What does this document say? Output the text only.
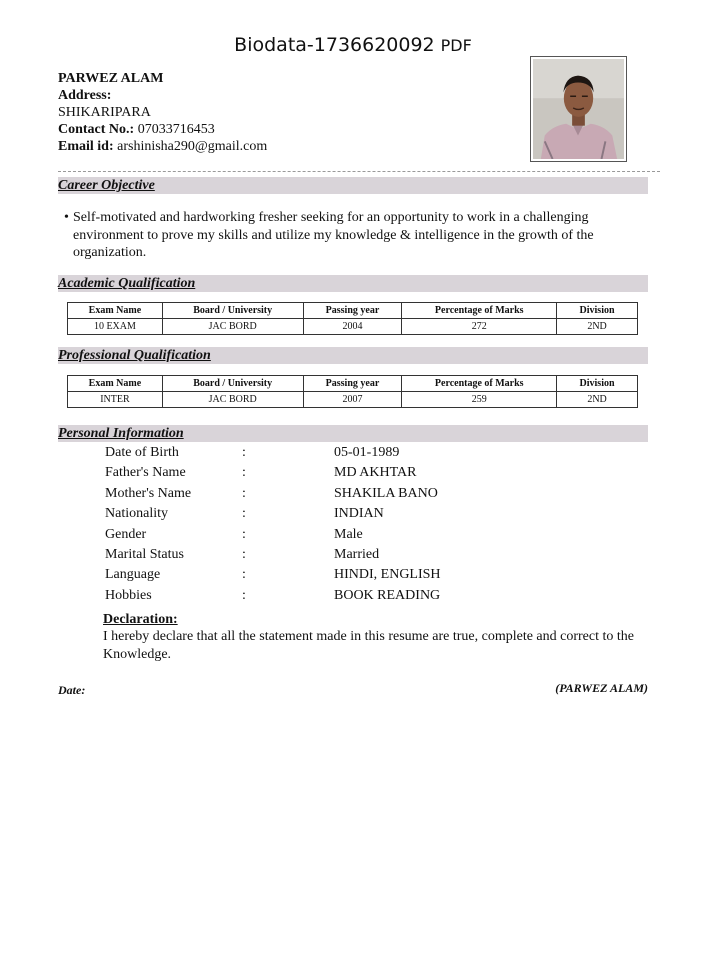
Biodata-1736620092 PDF
PARWEZ ALAM
Address:
SHIKARIPARA
Contact No.: 07033716453
Email id: arshinisha290@gmail.com
Career Objective
• Self-motivated and hardworking fresher seeking for an opportunity to work in a challenging environment to prove my skills and utilize my knowledge & intelligence in the growth of the organization.
Academic Qualification
Exam Name	Board / University	Passing year	Percentage of Marks	Division
10 EXAM	JAC BORD	2004	272	2ND
Professional Qualification
Exam Name	Board / University	Passing year	Percentage of Marks	Division
INTER	JAC BORD	2007	259	2ND
Personal Information
Date of Birth	:	05-01-1989
Father's Name	:	MD AKHTAR
Mother's Name	:	SHAKILA BANO
Nationality	:	INDIAN
Gender	:	Male
Marital Status	:	Married
Language	:	HINDI, ENGLISH
Hobbies	:	BOOK READING
Declaration:
I hereby declare that all the statement made in this resume are true, complete and correct to the Knowledge.
Date:	(PARWEZ ALAM)
